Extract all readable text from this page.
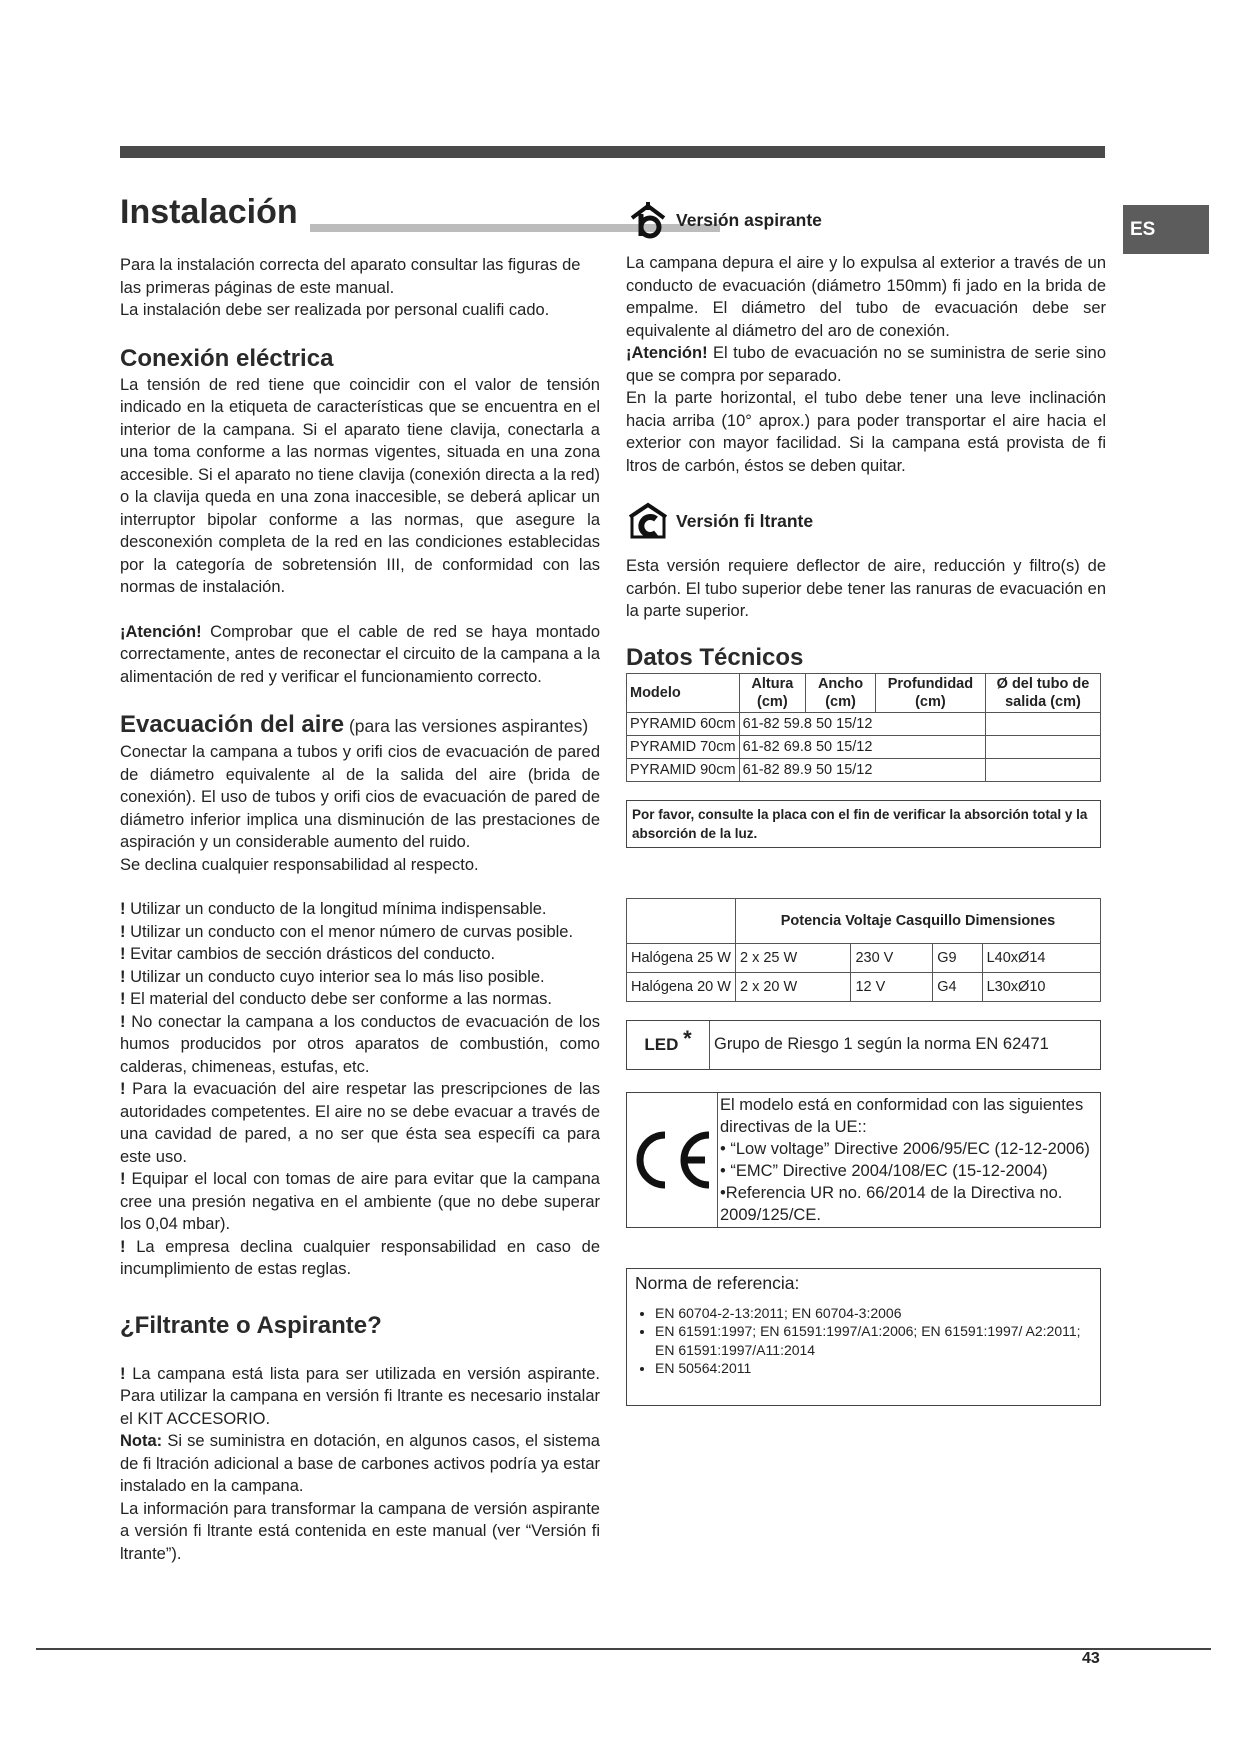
ES
Instalación

Para la instalación correcta del aparato consultar las figuras de las primeras páginas de este manual.

La instalación debe ser realizada por personal cualifi cado.

Conexión eléctrica

La tensión de red tiene que coincidir con el valor de tensión indicado en la etiqueta de características que se encuentra en el interior de la campana. Si el aparato tiene clavija, conectarla a una toma conforme a las normas vigentes, situada en una zona accesible. Si el aparato no tiene clavija (conexión directa a la red) o la clavija queda en una zona inaccesible, se deberá aplicar un interruptor bipolar conforme a las normas, que asegure la desconexión completa de la red en las condiciones establecidas por la categoría de sobretensión III, de conformidad con las normas de instalación.

¡Atención! Comprobar que el cable de red se haya montado correctamente, antes de reconectar el circuito de la campana a la alimentación de red y verificar el funcionamiento correcto.

Evacuación del aire (para las versiones aspirantes)

Conectar la campana a tubos y orifi cios de evacuación de pared de diámetro equivalente al de la salida del aire (brida de conexión). El uso de tubos y orifi cios de evacuación de pared de diámetro inferior implica una disminución de las prestaciones de aspiración y un considerable aumento del ruido.

Se declina cualquier responsabilidad al respecto.

! Utilizar un conducto de la longitud mínima indispensable.

! Utilizar un conducto con el menor número de curvas posible.

! Evitar cambios de sección drásticos del conducto.

! Utilizar un conducto cuyo interior sea lo más liso posible.

! El material del conducto debe ser conforme a las normas.

! No conectar la campana a los conductos de evacuación de los humos producidos por otros aparatos de combustión, como calderas, chimeneas, estufas, etc.

! Para la evacuación del aire respetar las prescripciones de las autoridades competentes. El aire no se debe evacuar a través de una cavidad de pared, a no ser que ésta sea específi ca para este uso.

! Equipar el local con tomas de aire para evitar que la campana cree una presión negativa en el ambiente (que no debe superar los 0,04 mbar).

! La empresa declina cualquier responsabilidad en caso de incumplimiento de estas reglas.

¿Filtrante o Aspirante?

! La campana está lista para ser utilizada en versión aspirante. Para utilizar la campana en versión fi ltrante es necesario instalar el KIT ACCESORIO.

Nota: Si se suministra en dotación, en algunos casos, el sistema de fi ltración adicional a base de carbones activos podría ya estar instalado en la campana.

La información para transformar la campana de versión aspirante a versión fi ltrante está contenida en este manual (ver “Versión fi ltrante”).

Versión aspirante

La campana depura el aire y lo expulsa al exterior a través de un conducto de evacuación (diámetro 150mm) fi jado en la brida de empalme. El diámetro del tubo de evacuación debe ser equivalente al diámetro del aro de conexión.

¡Atención! El tubo de evacuación no se suministra de serie sino que se compra por separado.

En la parte horizontal, el tubo debe tener una leve inclinación hacia arriba (10° aprox.) para poder transportar el aire hacia el exterior con mayor facilidad. Si la campana está provista de fi ltros de carbón, éstos se deben quitar.

Versión fi ltrante

Esta versión requiere deflector de aire, reducción y filtro(s) de carbón. El tubo superior debe tener las ranuras de evacuación en la parte superior.

Datos Técnicos
Modelo	Altura (cm)	Ancho (cm)	Profundidad (cm)	Ø del tubo de salida (cm)
PYRAMID 60cm	61-82 59.8 50 15/12			
PYRAMID 70cm	61-82 69.8 50 15/12			
PYRAMID 90cm	61-82 89.9 50 15/12			
Por favor, consulte la placa con el fin de verificar la absorción total y la absorción de la luz.
	Potencia Voltaje Casquillo Dimensiones			
Halógena 25 W	2 x 25 W	230 V	G9	L40xØ14
Halógena 20 W	2 x 20 W	12 V	G4	L30xØ10
LED
* Grupo de Riesgo 1 según la norma EN 62471
El modelo está en conformidad con las siguientes directivas de la UE::
• “Low voltage” Directive 2006/95/EC (12-12-2006)
• “EMC” Directive 2004/108/EC (15-12-2004)
•Referencia UR no. 66/2014 de la Directiva no. 2009/125/CE.
Norma de referencia:
• EN 60704-2-13:2011; EN 60704-3:2006
• EN 61591:1997; EN 61591:1997/A1:2006; EN 61591:1997/ A2:2011; EN 61591:1997/A11:2014
• EN 50564:2011
43
